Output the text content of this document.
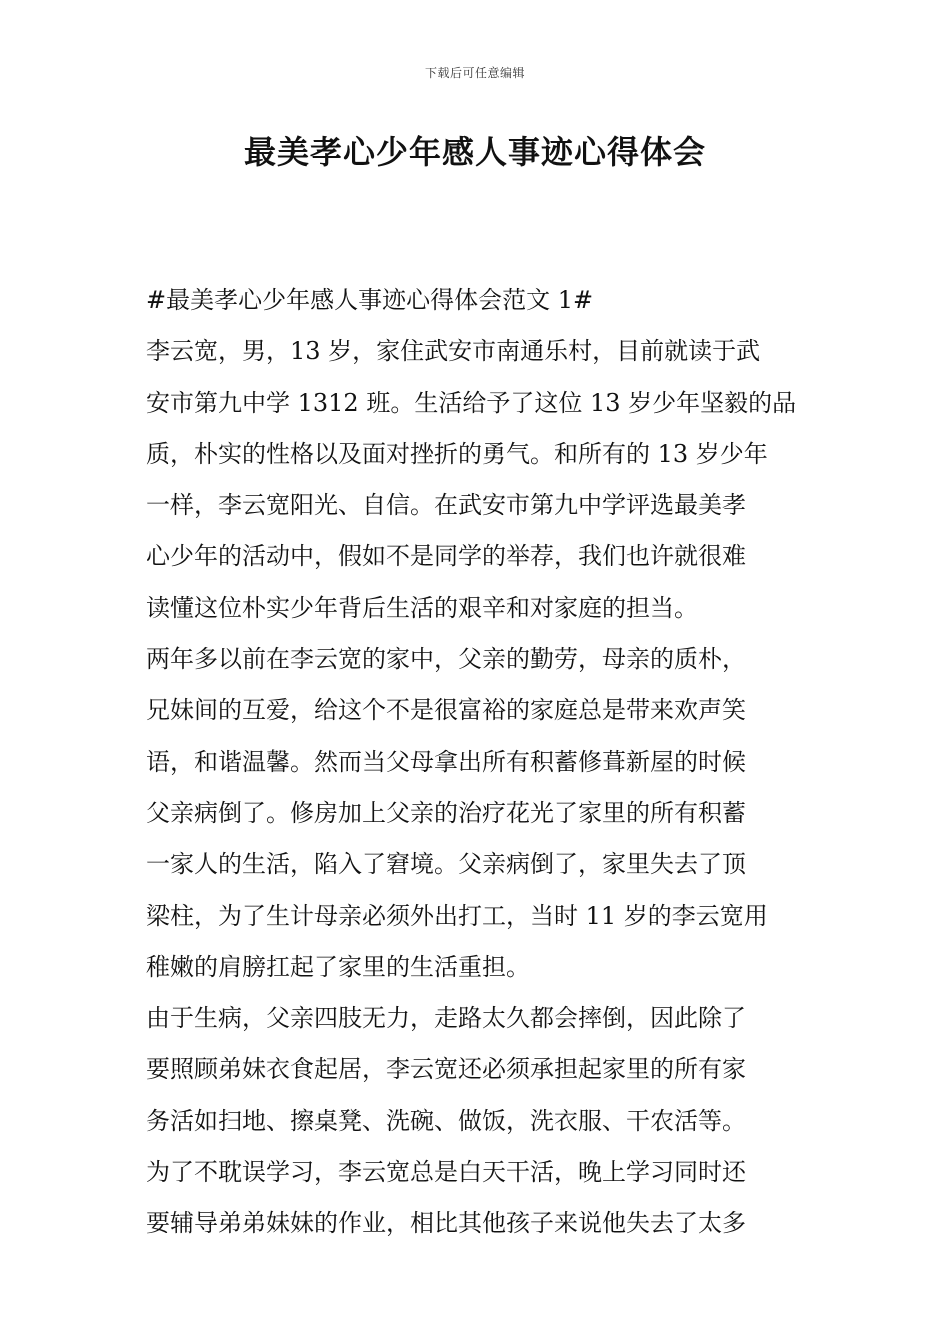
下载后可任意编辑
最美孝心少年感人事迹心得体会
#最美孝心少年感人事迹心得体会范文 1#
李云宽，男，13 岁，家住武安市南通乐村，目前就读于武
安市第九中学 1312 班。生活给予了这位 13 岁少年坚毅的品
质，朴实的性格以及面对挫折的勇气。和所有的 13 岁少年
一样，李云宽阳光、自信。在武安市第九中学评选最美孝
心少年的活动中，假如不是同学的举荐，我们也许就很难
读懂这位朴实少年背后生活的艰辛和对家庭的担当。
两年多以前在李云宽的家中，父亲的勤劳，母亲的质朴，
兄妹间的互爱，给这个不是很富裕的家庭总是带来欢声笑
语，和谐温馨。然而当父母拿出所有积蓄修葺新屋的时候
父亲病倒了。修房加上父亲的治疗花光了家里的所有积蓄
一家人的生活，陷入了窘境。父亲病倒了，家里失去了顶
梁柱，为了生计母亲必须外出打工，当时 11 岁的李云宽用
稚嫩的肩膀扛起了家里的生活重担。
由于生病，父亲四肢无力，走路太久都会摔倒，因此除了
要照顾弟妹衣食起居，李云宽还必须承担起家里的所有家
务活如扫地、擦桌凳、洗碗、做饭，洗衣服、干农活等。
为了不耽误学习，李云宽总是白天干活，晚上学习同时还
要辅导弟弟妹妹的作业，相比其他孩子来说他失去了太多
